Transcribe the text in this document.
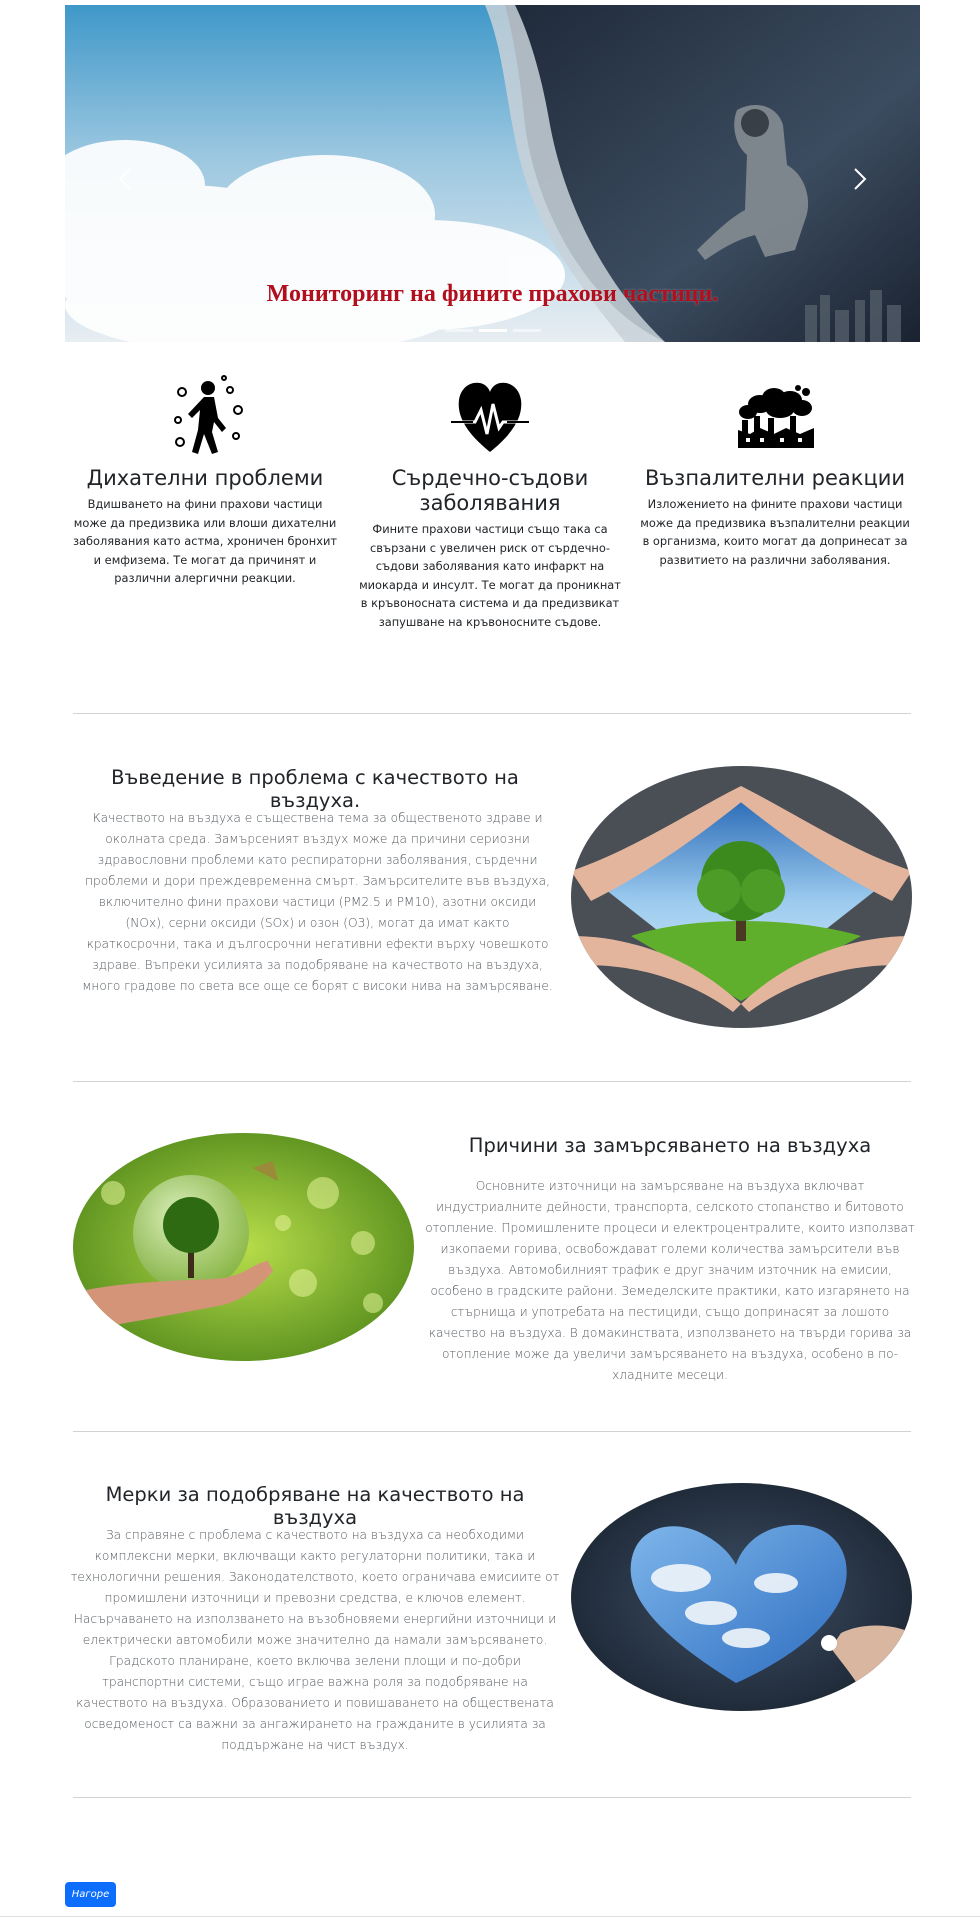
Мониторинг на фините прахови частици.
Дихателни проблеми

Вдишването на фини прахови частици може да предизвика или влоши дихателни заболявания като астма, хроничен бронхит и емфизема. Те могат да причинят и различни алергични реакции.

Сърдечно-съдови заболявания

Фините прахови частици също така са свързани с увеличен риск от сърдечно-съдови заболявания като инфаркт на миокарда и инсулт. Те могат да проникнат в кръвоносната система и да предизвикат запушване на кръвоносните съдове.

Възпалителни реакции

Изложението на фините прахови частици може да предизвика възпалителни реакции в организма, които могат да допринесат за развитието на различни заболявания.

Въведение в проблема с качеството на въздуха.

Качеството на въздуха е съществена тема за общественото здраве и околната среда. Замърсеният въздух може да причини сериозни здравословни проблеми като респираторни заболявания, сърдечни проблеми и дори преждевременна смърт. Замърсителите във въздуха, включително фини прахови частици (PM2.5 и PM10), азотни оксиди (NOx), серни оксиди (SOx) и озон (O3), могат да имат както краткосрочни, така и дългосрочни негативни ефекти върху човешкото здраве. Въпреки усилията за подобряване на качеството на въздуха, много градове по света все още се борят с високи нива на замърсяване.

Причини за замърсяването на въздуха

Основните източници на замърсяване на въздуха включват индустриалните дейности, транспорта, селското стопанство и битовото отопление. Промишлените процеси и електроцентралите, които използват изкопаеми горива, освобождават големи количества замърсители във въздуха. Автомобилният трафик е друг значим източник на емисии, особено в градските райони. Земеделските практики, като изгарянето на стърнища и употребата на пестициди, също допринасят за лошото качество на въздуха. В домакинствата, използването на твърди горива за отопление може да увеличи замърсяването на въздуха, особено в по-хладните месеци.

Мерки за подобряване на качеството на въздуха

За справяне с проблема с качеството на въздуха са необходими комплексни мерки, включващи както регулаторни политики, така и технологични решения. Законодателството, което ограничава емисиите от промишлени източници и превозни средства, е ключов елемент. Насърчаването на използването на възобновяеми енергийни източници и електрически автомобили може значително да намали замърсяването. Градското планиране, което включва зелени площи и по-добри транспортни системи, също играе важна роля за подобряване на качеството на въздуха. Образованието и повишаването на обществената осведоменост са важни за ангажирането на гражданите в усилията за поддържане на чист въздух.

Нагоре
